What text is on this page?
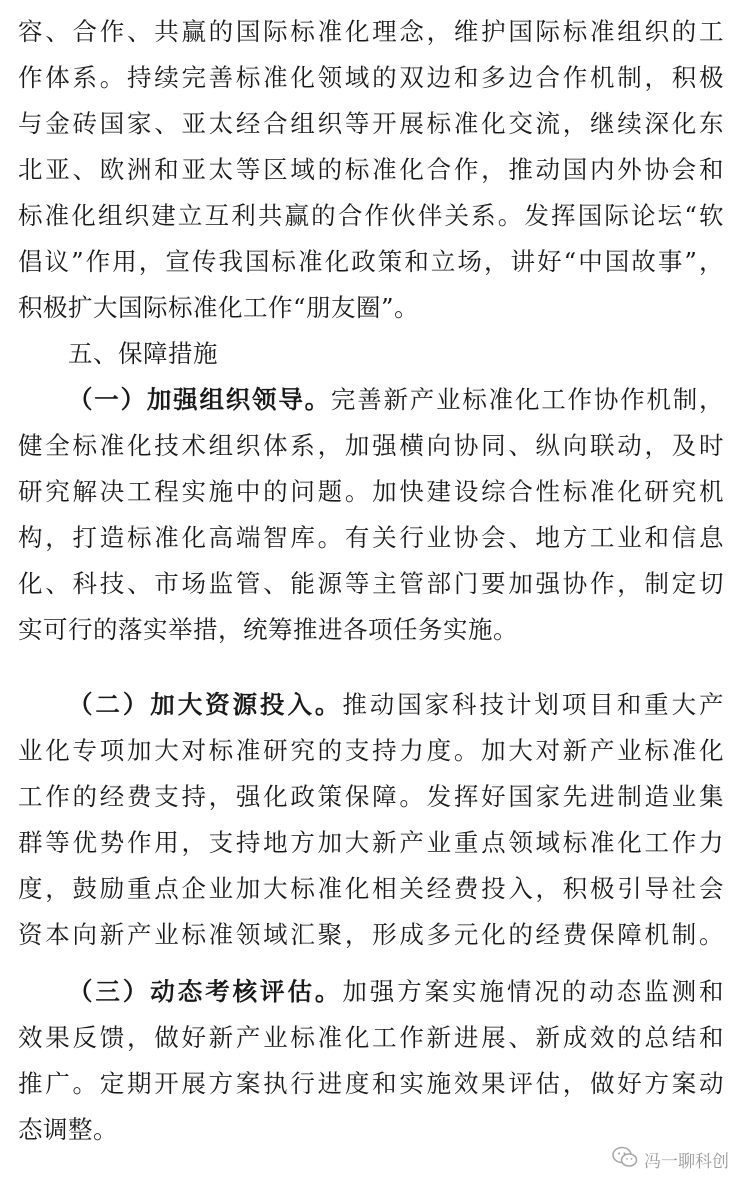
容、合作、共赢的国际标准化理念，维护国际标准组织的工
作体系。持续完善标准化领域的双边和多边合作机制，积极
与金砖国家、亚太经合组织等开展标准化交流，继续深化东
北亚、欧洲和亚太等区域的标准化合作，推动国内外协会和
标准化组织建立互利共赢的合作伙伴关系。发挥国际论坛“软
倡议”作用，宣传我国标准化政策和立场，讲好“中国故事”，
积极扩大国际标准化工作“朋友圈”。
五、保障措施
（一）加强组织领导。完善新产业标准化工作协作机制，
健全标准化技术组织体系，加强横向协同、纵向联动，及时
研究解决工程实施中的问题。加快建设综合性标准化研究机
构，打造标准化高端智库。有关行业协会、地方工业和信息
化、科技、市场监管、能源等主管部门要加强协作，制定切
实可行的落实举措，统筹推进各项任务实施。
（二）加大资源投入。推动国家科技计划项目和重大产
业化专项加大对标准研究的支持力度。加大对新产业标准化
工作的经费支持，强化政策保障。发挥好国家先进制造业集
群等优势作用，支持地方加大新产业重点领域标准化工作力
度，鼓励重点企业加大标准化相关经费投入，积极引导社会
资本向新产业标准领域汇聚，形成多元化的经费保障机制。
（三）动态考核评估。加强方案实施情况的动态监测和
效果反馈，做好新产业标准化工作新进展、新成效的总结和
推广。定期开展方案执行进度和实施效果评估，做好方案动
态调整。
冯一聊科创
